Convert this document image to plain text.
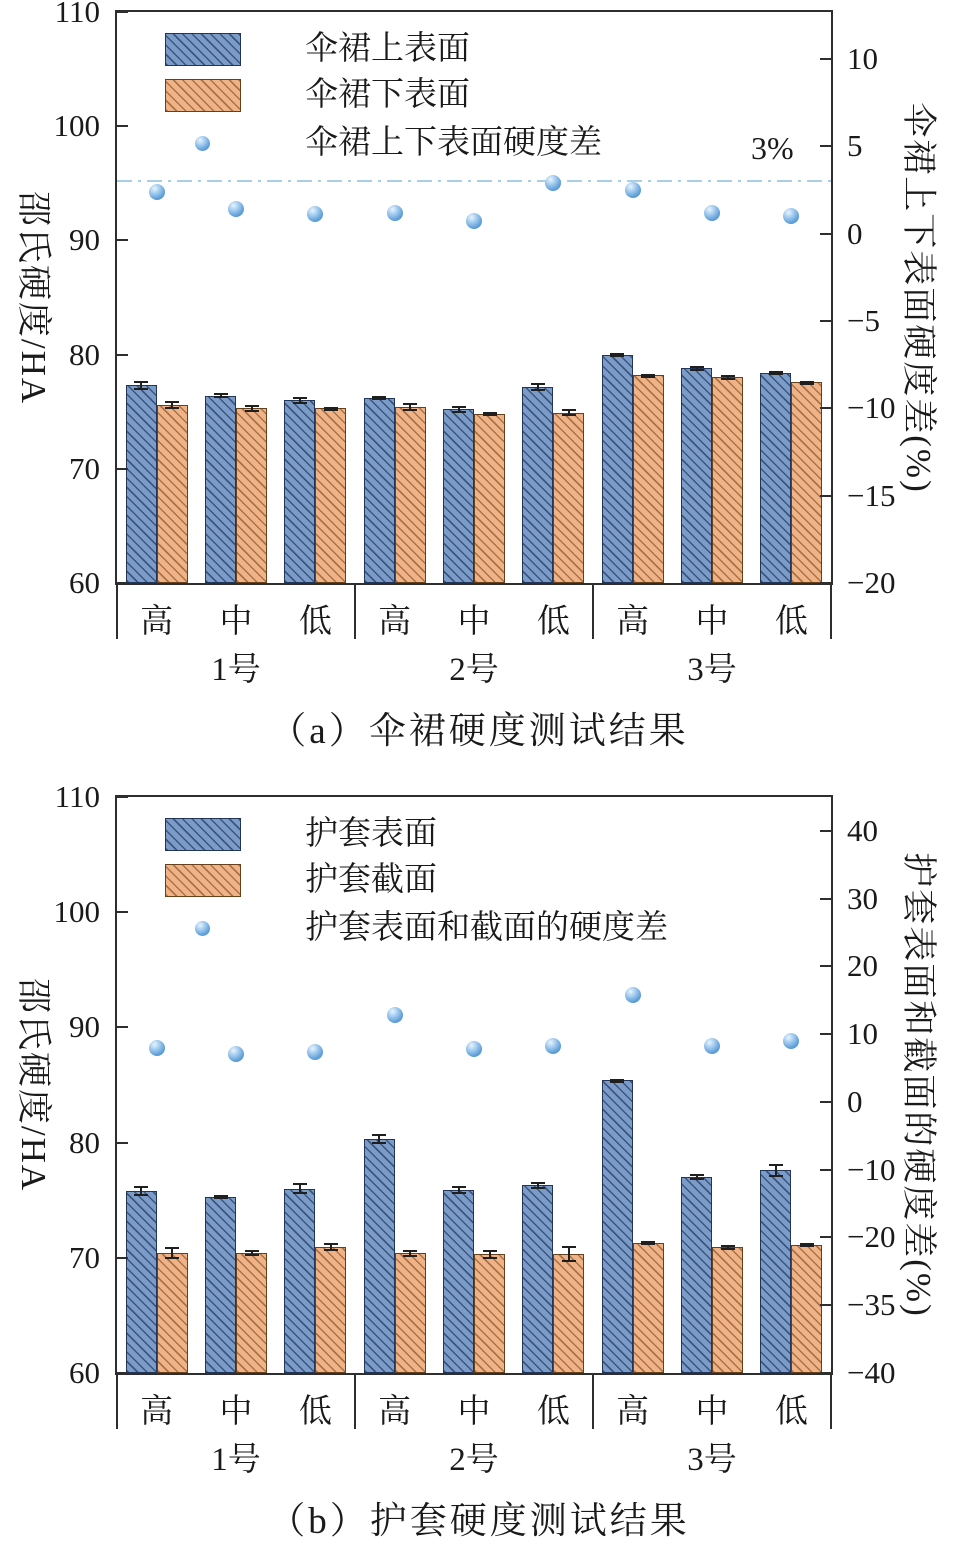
邵氏硬度/HA	伞裙上下表面硬度差(%)
3%
伞裙上表面
伞裙下表面
伞裙上下表面硬度差
高	中	低	高	中	低	高	中	低
1号	2号	3号
（a）伞裙硬度测试结果
110
100
90
80
70
60
10
5
0
−5
−10
−15
−20
邵氏硬度/HA	护套表面和截面的硬度差(%)
护套表面
护套截面
护套表面和截面的硬度差
高	中	低	高	中	低	高	中	低
1号	2号	3号
（b）护套硬度测试结果
110
100
90
80
70
60
40
30
20
10
0
−10
−20
−35
−40
